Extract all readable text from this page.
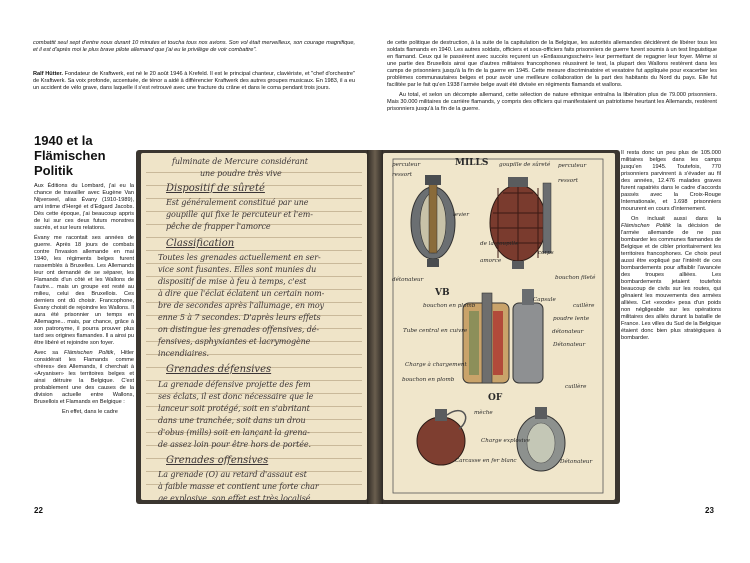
combattit seul sept d'entre nous durant 10 minutes et toucha tous nos avions. Son vol était merveilleux, son courage magnifique, et il est d'après moi le plus brave pilote allemand que j'ai eu le privilège de voir combattre".
Ralf Hütter. Fondateur de Kraftwerk, est né le 20 août 1946 à Krefeld. Il est le principal chanteur, claviériste, et "chef d'orchestre" de Kraftwerk. Sa voix profonde, accentuée, de ténor a aidé à différencier Kraftwerk des autres groupes musicaux. En 1983, il a eu un accident de vélo grave, dans laquelle il s'est retrouvé avec une fracture du crâne et dans le coma pendant trois jours.
1940 et la Flämischen Politik

Aux Éditions du Lombard, j'ai eu la chance de travailler avec Eugène Van Nijverseel, alias Évany (1910-1989), ami intime d'Hergé et d'Edgard Jacobs. Dès cette époque, j'ai beaucoup appris de lui sur ces deux futurs monstres sacrés, et sur leurs relations.

Évany me racontait ses années de guerre. Après 18 jours de combats contre l'invasion allemande en mai 1940, les régiments belges furent rassemblés à Bruxelles. Les Allemands leur ont demandé de se séparer, les Flamands d'un côté et les Wallons de l'autre... mais un groupe est resté au milieu, celui des Bruxellois. Ces derniers ont dû choisir. Francophone, Évany choisit de rejoindre les Wallons. Il aura été prisonnier un temps en Allemagne... mais, par chance, grâce à son patronyme, il pourra prouver plus tard ses origines flamandes. Il a ainsi pu être libéré et rejoindre son foyer.

Avec sa Flämischen Politik, Hitler considérait les Flamands comme «frères» des Allemands, il cherchait à «Aryaniser» les territoires belges et ainsi détruire la Belgique. C'est probablement une des causes de la division actuelle entre Wallons, Bruxellois et Flamands en Belgique :

En effet, dans le cadre

de cette politique de destruction, à la suite de la capitulation de la Belgique, les autorités allemandes décidèrent de libérer tous les soldats flamands en 1940. Les autres soldats, officiers et sous-officiers faits prisonniers de guerre furent soumis à un test linguistique en flamand. Ceux qui le passèrent avec succès reçurent un «Entlassungsschein» leur permettant de regagner leur foyer. Même si une partie des Bruxellois ainsi que d'autres militaires francophones réussirent le test, la plupart des Wallons restèrent dans les camps de prisonniers jusqu'à la fin de la guerre en 1945. Cette mesure discriminatoire et vexatoire fut appliquée pour exacerber les problèmes communautaires belges et pour avoir une meilleure collaboration de la part des habitants du Nord du pays. Elle fut facilitée par le fait qu'en 1938 l'armée belge avait été divisée en régiments flamands et wallons.

Au total, et selon un décompte allemand, cette sélection de nature ethnique entraîna la libération plus de 79.000 prisonniers. Mais 30.000 militaires de carrière flamands, y compris des officiers qui manifestaient un patriotisme heurtant les Allemands, restèrent prisonniers jusqu'à la fin de la guerre.

Il resta donc un peu plus de 105.000 militaires belges dans les camps jusqu'en 1945. Toutefois, 770 prisonniers parvinrent à s'évader au fil des années, 12.476 malades graves furent rapatriés dans le cadre d'accords passés avec la Croix-Rouge Internationale, et 1.698 prisonniers moururent en cours d'internement.

On incluait aussi dans la Flämischen Politik la décision de l'armée allemande de ne pas bombarder les communes flamandes de Belgique et de cibler prioritairement les territoires francophones. Ce choix peut aussi être expliqué par l'intérêt de ces bombardements pour affaiblir l'avancée des troupes alliées. Les bombardements jetaient toutefois beaucoup de civils sur les routes, qui gênaient les mouvements des armées alliées. Cet «exode» pesa d'un poids non négligeable sur les opérations militaires des alliés durant la bataille de France. Les villes du Sud de la Belgique étaient donc bien plus stratégiques à bombarder.

fulminate de Mercure considérant
une poudre très vive
Dispositif de sûreté
Est généralement constitué par une
goupille qui fixe le percuteur et l'em-
pêche de frapper l'amorce
Classification
Toutes les grenades actuellement en ser-
vice sont fusantes. Elles sont munies du
dispositif de mise à feu à temps, c'est
à dire que l'éclat éclatent un certain nom-
bre de secondes après l'allumage, en moy
enne 5 à 7 secondes. D'après leurs effets
on distingue les grenades offensives, dé-
fensives, asphyxiantes et lacrymogène
incendiaires.
Grenades défensives
La grenade défensive projette des fem
ses éclats, il est donc nécessaire que le
lanceur soit protégé, soit en s'abritant
dans une tranchée, soit dans un drou
d'obus (mills) soit en lançant la grena-
de assez loin pour être hors de portée.
Grenades offensives
La grenade (O) au retard d'assaut est
à faible masse et contient une forte char
ge explosive, son effet est très localisé.
MILLS
VB
OF
goupille de sûreté
percuteur
ressort
percuteur
ressort
levier
de la goupille
détonateur
amorce
corps
bouchon fileté
bouchon en plomb	cuillère
détonateur
Capsule
poudre lente
Tube central en cuivre
Détonateur
Charge à chargement
bouchon en plomb
cuillère
mèche
Charge explosive
Carcasse en fer blanc	Détonateur
22	23
